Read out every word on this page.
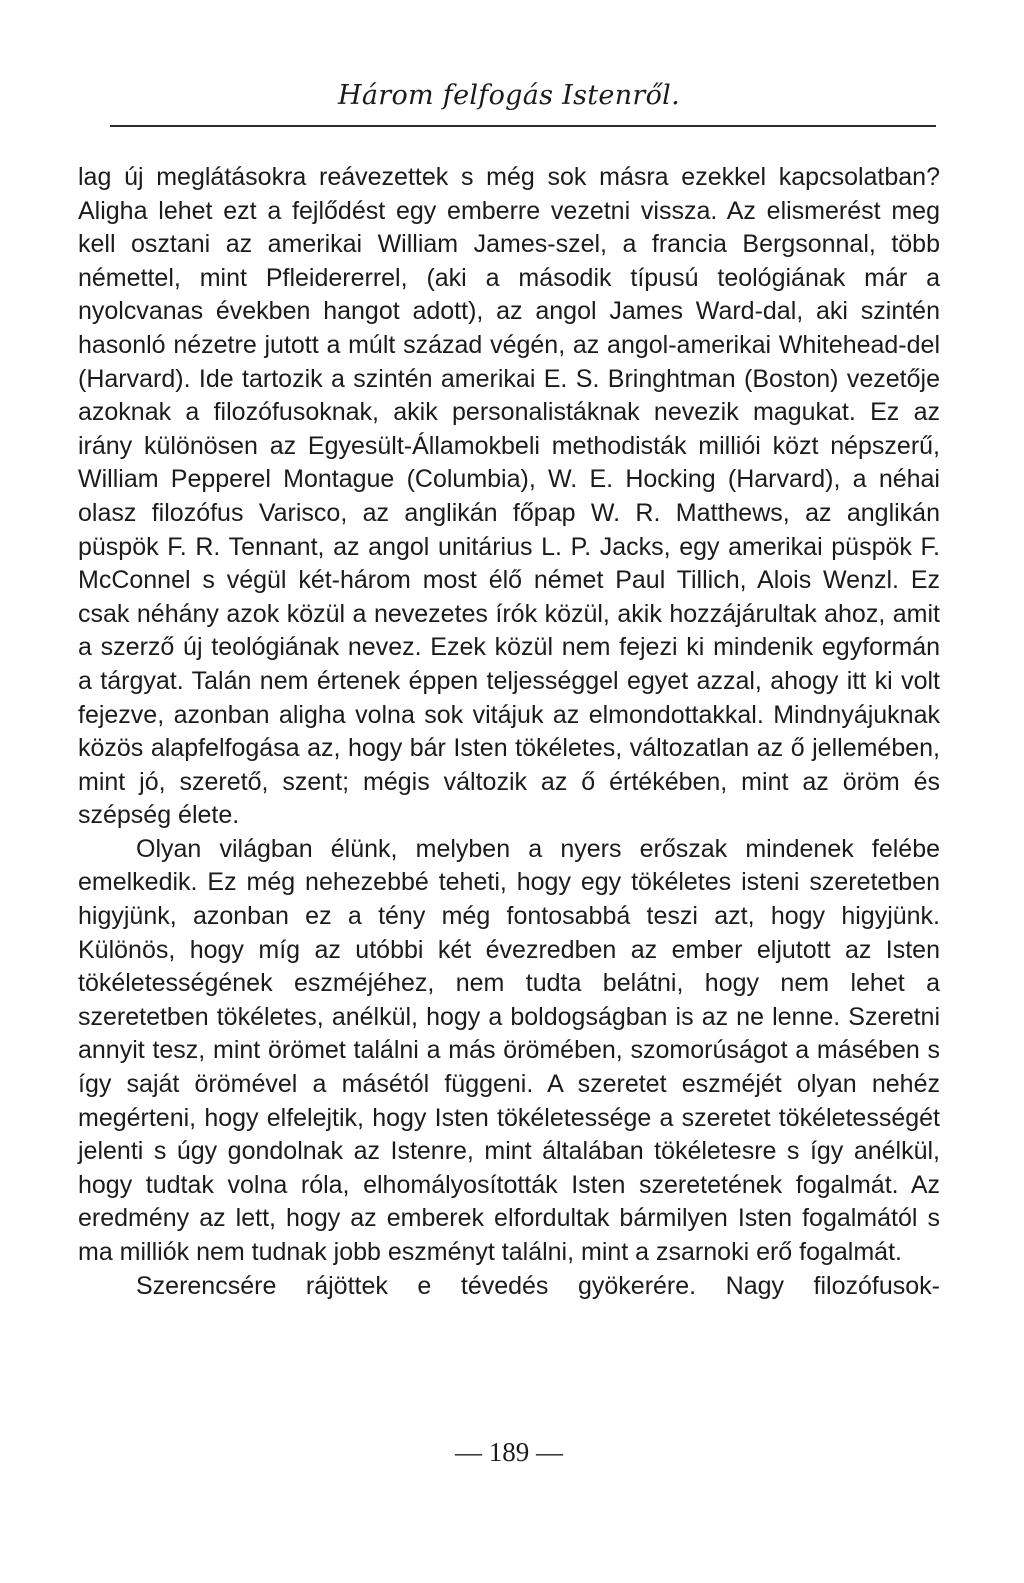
Három felfogás Istenről.

lag új meglátásokra reávezettek s még sok másra ezekkel kapcsolatban? Aligha lehet ezt a fejlődést egy emberre vezetni vissza. Az elismerést meg kell osztani az amerikai William James-szel, a francia Bergsonnal, több némettel, mint Pfleidererrel, (aki a második típusú teológiának már a nyolcvanas években hangot adott), az angol James Ward-dal, aki szintén hasonló nézetre jutott a múlt század végén, az angol-amerikai Whitehead-del (Harvard). Ide tartozik a szintén amerikai E. S. Bringhtman (Boston) vezetője azoknak a filozófusoknak, akik personalistáknak nevezik magukat. Ez az irány különösen az Egyesült-Államokbeli methodisták milliói közt népszerű, William Pepperel Montague (Columbia), W. E. Hocking (Harvard), a néhai olasz filozófus Varisco, az anglikán főpap W. R. Matthews, az anglikán püspök F. R. Tennant, az angol unitárius L. P. Jacks, egy amerikai püspök F. McConnel s végül két-három most élő német Paul Tillich, Alois Wenzl. Ez csak néhány azok közül a nevezetes írók közül, akik hozzájárultak ahoz, amit a szerző új teológiának nevez. Ezek közül nem fejezi ki mindenik egyformán a tárgyat. Talán nem értenek éppen teljességgel egyet azzal, ahogy itt ki volt fejezve, azonban aligha volna sok vitájuk az elmondottakkal. Mindnyájuknak közös alapfelfogása az, hogy bár Isten tökéletes, változatlan az ő jellemében, mint jó, szerető, szent; mégis változik az ő értékében, mint az öröm és szépség élete.

Olyan világban élünk, melyben a nyers erőszak mindenek felébe emelkedik. Ez még nehezebbé teheti, hogy egy tökéletes isteni szeretetben higyjünk, azonban ez a tény még fontosabbá teszi azt, hogy higyjünk. Különös, hogy míg az utóbbi két évezredben az ember eljutott az Isten tökéletességének eszméjéhez, nem tudta belátni, hogy nem lehet a szeretetben tökéletes, anélkül, hogy a boldogságban is az ne lenne. Szeretni annyit tesz, mint örömet találni a más örömében, szomorúságot a másében s így saját örömével a másétól függeni. A szeretet eszméjét olyan nehéz megérteni, hogy elfelejtik, hogy Isten tökéletessége a szeretet tökéletességét jelenti s úgy gondolnak az Istenre, mint általában tökéletesre s így anélkül, hogy tudtak volna róla, elhomályosították Isten szeretetének fogalmát. Az eredmény az lett, hogy az emberek elfordultak bármilyen Isten fogalmától s ma milliók nem tudnak jobb eszményt találni, mint a zsarnoki erő fogalmát.

Szerencsére rájöttek e tévedés gyökerére. Nagy filozófusok-

— 189 —
